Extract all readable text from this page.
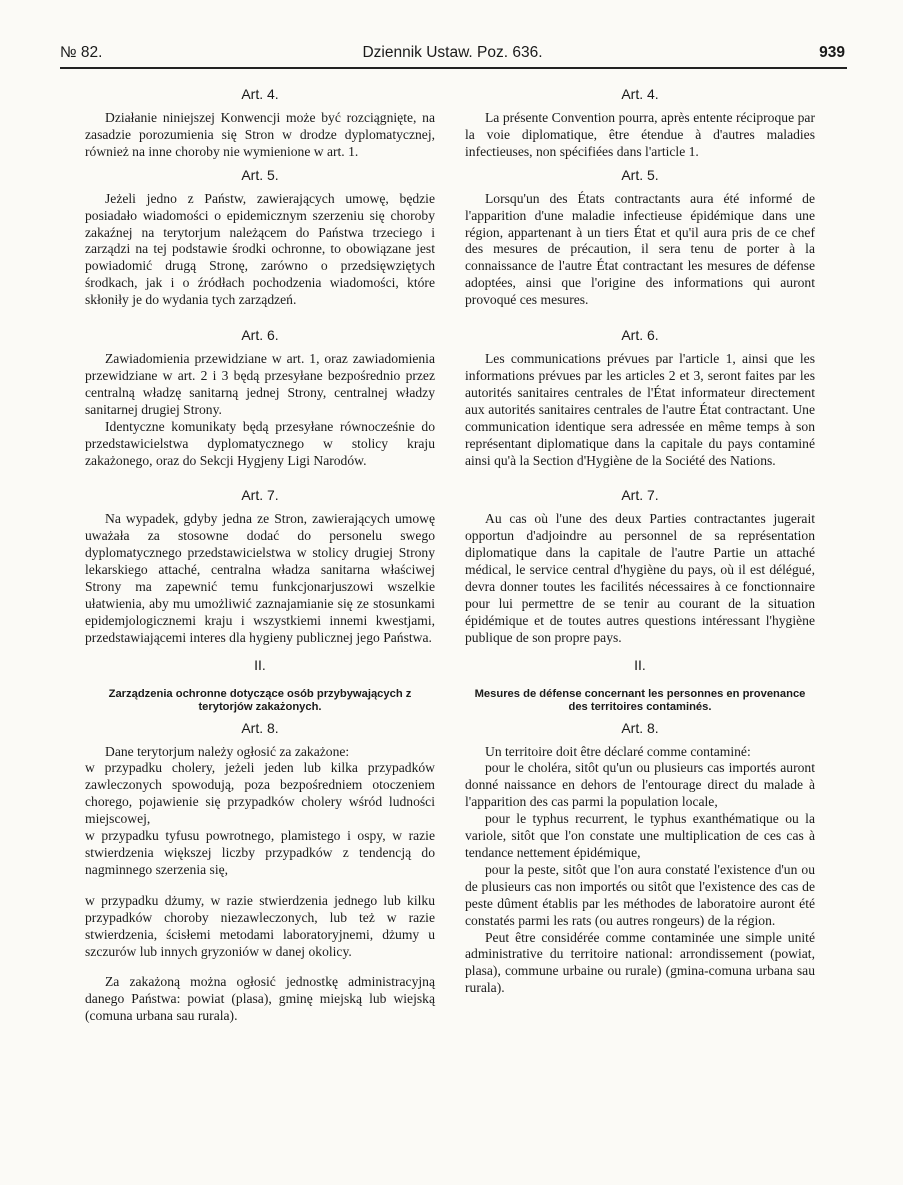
№ 82.	Dziennik Ustaw. Poz. 636.	939
Art. 4.

Działanie niniejszej Konwencji może być rozciągnięte, na zasadzie porozumienia się Stron w drodze dyplomatycznej, również na inne choroby nie wymienione w art. 1.

Art. 5.

Jeżeli jedno z Państw, zawierających umowę, będzie posiadało wiadomości o epidemicznym szerzeniu się choroby zakaźnej na terytorjum należącem do Państwa trzeciego i zarządzi na tej podstawie środki ochronne, to obowiązane jest powiadomić drugą Stronę, zarówno o przedsięwziętych środkach, jak i o źródłach pochodzenia wiadomości, które skłoniły je do wydania tych zarządzeń.

Art. 6.

Zawiadomienia przewidziane w art. 1, oraz zawiadomienia przewidziane w art. 2 i 3 będą przesyłane bezpośrednio przez centralną władzę sanitarną jednej Strony, centralnej władzy sanitarnej drugiej Strony.

Identyczne komunikaty będą przesyłane równocześnie do przedstawicielstwa dyplomatycznego w stolicy kraju zakażonego, oraz do Sekcji Hygjeny Ligi Narodów.

Art. 7.

Na wypadek, gdyby jedna ze Stron, zawierających umowę uważała za stosowne dodać do personelu swego dyplomatycznego przedstawicielstwa w stolicy drugiej Strony lekarskiego attaché, centralna władza sanitarna właściwej Strony ma zapewnić temu funkcjonarjuszowi wszelkie ułatwienia, aby mu umożliwić zaznajamianie się ze stosunkami epidemjologicznemi kraju i wszystkiemi innemi kwestjami, przedstawiającemi interes dla hygieny publicznej jego Państwa.

II.
Zarządzenia ochronne dotyczące osób przybywających z terytorjów zakażonych.
Art. 8.

Dane terytorjum należy ogłosić za zakażone:

w przypadku cholery, jeżeli jeden lub kilka przypadków zawleczonych spowodują, poza bezpośredniem otoczeniem chorego, pojawienie się przypadków cholery wśród ludności miejscowej,
w przypadku tyfusu powrotnego, plamistego i ospy, w razie stwierdzenia większej liczby przypadków z tendencją do nagminnego szerzenia się,
w przypadku dżumy, w razie stwierdzenia jednego lub kilku przypadków choroby niezawleczonych, lub też w razie stwierdzenia, ścisłemi metodami laboratoryjnemi, dżumy u szczurów lub innych gryzoniów w danej okolicy.

Za zakażoną można ogłosić jednostkę administracyjną danego Państwa: powiat (plasa), gminę miejską lub wiejską (comuna urbana sau rurala).

Art. 4.

La présente Convention pourra, après entente réciproque par la voie diplomatique, être étendue à d'autres maladies infectieuses, non spécifiées dans l'article 1.

Art. 5.

Lorsqu'un des États contractants aura été informé de l'apparition d'une maladie infectieuse épidémique dans une région, appartenant à un tiers État et qu'il aura pris de ce chef des mesures de précaution, il sera tenu de porter à la connaissance de l'autre État contractant les mesures de défense adoptées, ainsi que l'origine des informations qui auront provoqué ces mesures.

Art. 6.

Les communications prévues par l'article 1, ainsi que les informations prévues par les articles 2 et 3, seront faites par les autorités sanitaires centrales de l'État informateur directement aux autorités sanitaires centrales de l'autre État contractant. Une communication identique sera adressée en même temps à son représentant diplomatique dans la capitale du pays contaminé ainsi qu'à la Section d'Hygiène de la Société des Nations.

Art. 7.

Au cas où l'une des deux Parties contractantes jugerait opportun d'adjoindre au personnel de sa représentation diplomatique dans la capitale de l'autre Partie un attaché médical, le service central d'hygiène du pays, où il est délégué, devra donner toutes les facilités nécessaires à ce fonctionnaire pour lui permettre de se tenir au courant de la situation épidémique et de toutes autres questions intéressant l'hygiène publique de son propre pays.

II.
Mesures de défense concernant les personnes en provenance des territoires contaminés.
Art. 8.

Un territoire doit être déclaré comme contaminé:

pour le choléra, sitôt qu'un ou plusieurs cas importés auront donné naissance en dehors de l'entourage direct du malade à l'apparition des cas parmi la population locale,

pour le typhus recurrent, le typhus exanthématique ou la variole, sitôt que l'on constate une multiplication de ces cas à tendance nettement épidémique,

pour la peste, sitôt que l'on aura constaté l'existence d'un ou de plusieurs cas non importés ou sitôt que l'existence des cas de peste dûment établis par les méthodes de laboratoire auront été constatés parmi les rats (ou autres rongeurs) de la région.

Peut être considérée comme contaminée une simple unité administrative du territoire national: arrondissement (powiat, plasa), commune urbaine ou rurale) (gmina-comuna urbana sau rurala).
